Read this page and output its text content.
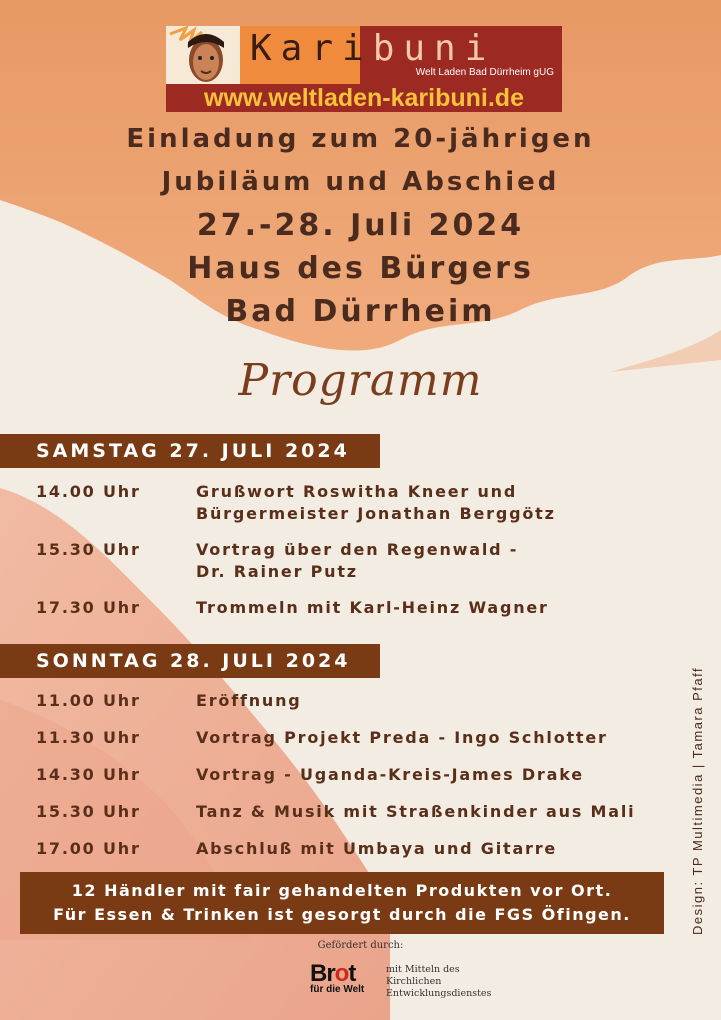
Karibuni
Welt Laden Bad Dürrheim gUG
www.weltladen-karibuni.de
Einladung zum 20-jährigen
Jubiläum und Abschied
27.-28. Juli 2024
Haus des Bürgers
Bad Dürrheim
Programm
SAMSTAG 27. JULI 2024
14.00 Uhr	Grußwort Roswitha Kneer und
Bürgermeister Jonathan Berggötz
15.30 Uhr	Vortrag über den Regenwald -
Dr. Rainer Putz
17.30 Uhr	Trommeln mit Karl-Heinz Wagner
SONNTAG 28. JULI 2024
11.00 Uhr	Eröffnung
11.30 Uhr	Vortrag Projekt Preda - Ingo Schlotter
14.30 Uhr	Vortrag - Uganda-Kreis-James Drake
15.30 Uhr	Tanz & Musik mit Straßenkinder aus Mali
17.00 Uhr	Abschluß mit Umbaya und Gitarre
12 Händler mit fair gehandelten Produkten vor Ort.
Für Essen & Trinken ist gesorgt durch die FGS Öfingen.	Design: TP Multimedia | Tamara Pfaff
Gefördert durch:
Brot
für die Welt
mit Mitteln des
Kirchlichen
Entwicklungsdienstes
